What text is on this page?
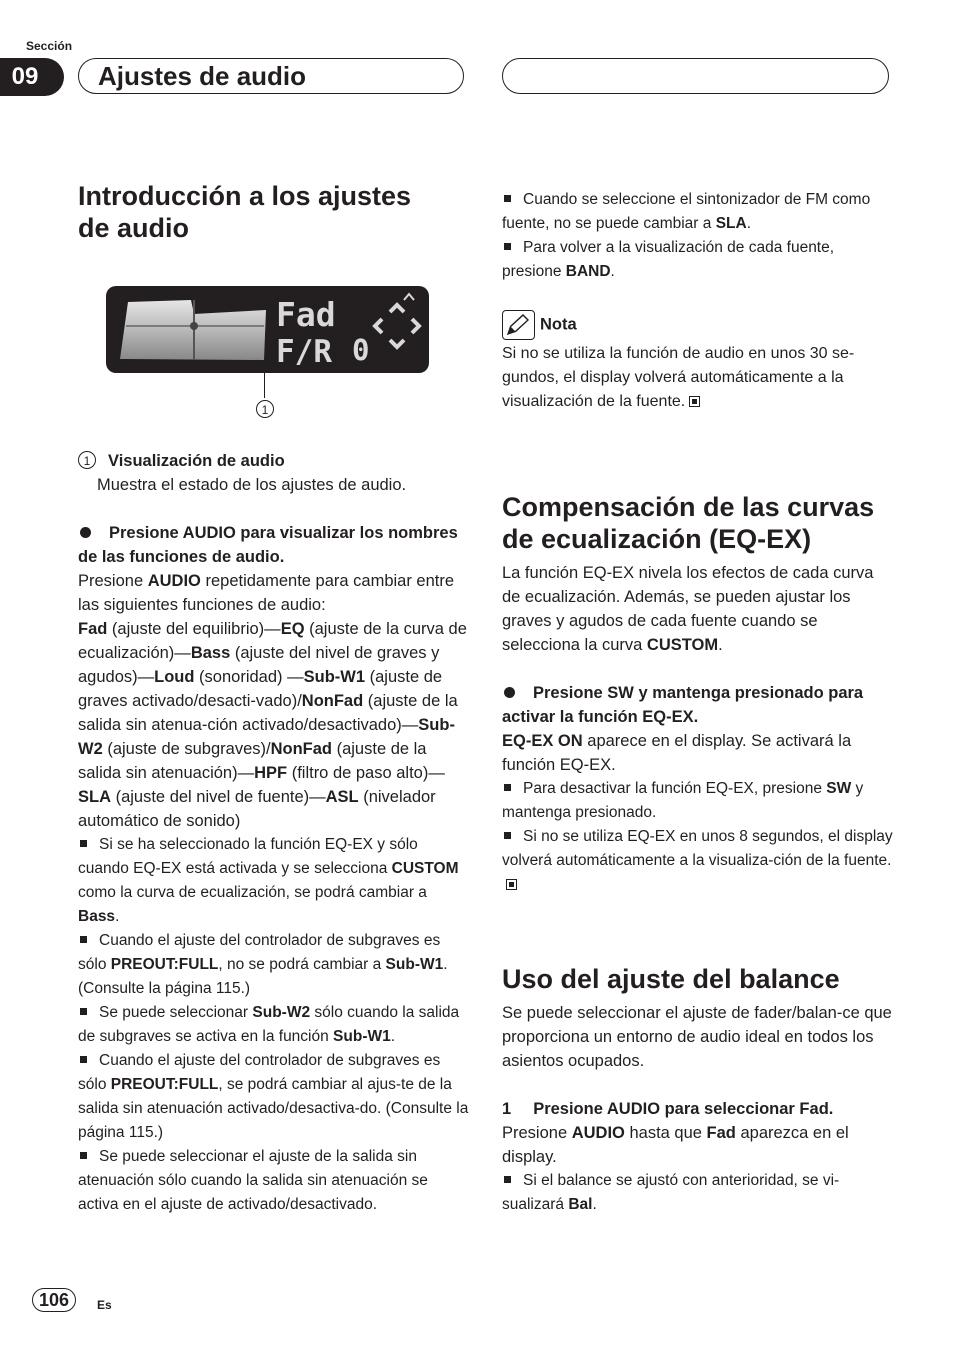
Sección
09	Ajustes de audio
Introducción a los ajustes
de audio
Fad
F/R 0
1

1 Visualización de audio

Muestra el estado de los ajustes de audio.

Presione AUDIO para visualizar los nombres de las funciones de audio.

Presione AUDIO repetidamente para cambiar entre las siguientes funciones de audio:
Fad (ajuste del equilibrio)—EQ (ajuste de la curva de ecualización)—Bass (ajuste del nivel de graves y agudos)—Loud (sonoridad) —Sub-W1 (ajuste de graves activado/desacti-vado)/NonFad (ajuste de la salida sin atenua-ción activado/desactivado)—Sub-W2 (ajuste de subgraves)/NonFad (ajuste de la salida sin atenuación)—HPF (filtro de paso alto)—SLA (ajuste del nivel de fuente)—ASL (nivelador automático de sonido)

Si se ha seleccionado la función EQ-EX y sólo cuando EQ-EX está activada y se selecciona CUSTOM como la curva de ecualización, se podrá cambiar a Bass.

Cuando el ajuste del controlador de subgraves es sólo PREOUT:FULL, no se podrá cambiar a Sub-W1. (Consulte la página 115.)

Se puede seleccionar Sub-W2 sólo cuando la salida de subgraves se activa en la función Sub-W1.

Cuando el ajuste del controlador de subgraves es sólo PREOUT:FULL, se podrá cambiar al ajus-te de la salida sin atenuación activado/desactiva-do. (Consulte la página 115.)

Se puede seleccionar el ajuste de la salida sin atenuación sólo cuando la salida sin atenuación se activa en el ajuste de activado/desactivado.

Cuando se seleccione el sintonizador de FM como fuente, no se puede cambiar a SLA.

Para volver a la visualización de cada fuente, presione BAND.

Nota

Si no se utiliza la función de audio en unos 30 se-gundos, el display volverá automáticamente a la visualización de la fuente.

Compensación de las curvas
de ecualización (EQ-EX)

La función EQ-EX nivela los efectos de cada curva de ecualización. Además, se pueden ajustar los graves y agudos de cada fuente cuando se selecciona la curva CUSTOM.

Presione SW y mantenga presionado para activar la función EQ-EX.

EQ-EX ON aparece en el display. Se activará la función EQ-EX.

Para desactivar la función EQ-EX, presione SW y mantenga presionado.

Si no se utiliza EQ-EX en unos 8 segundos, el display volverá automáticamente a la visualiza-ción de la fuente.

Uso del ajuste del balance

Se puede seleccionar el ajuste de fader/balan-ce que proporciona un entorno de audio ideal en todos los asientos ocupados.

1 Presione AUDIO para seleccionar Fad.

Presione AUDIO hasta que Fad aparezca en el display.

Si el balance se ajustó con anterioridad, se vi-sualizará Bal.

106	Es
